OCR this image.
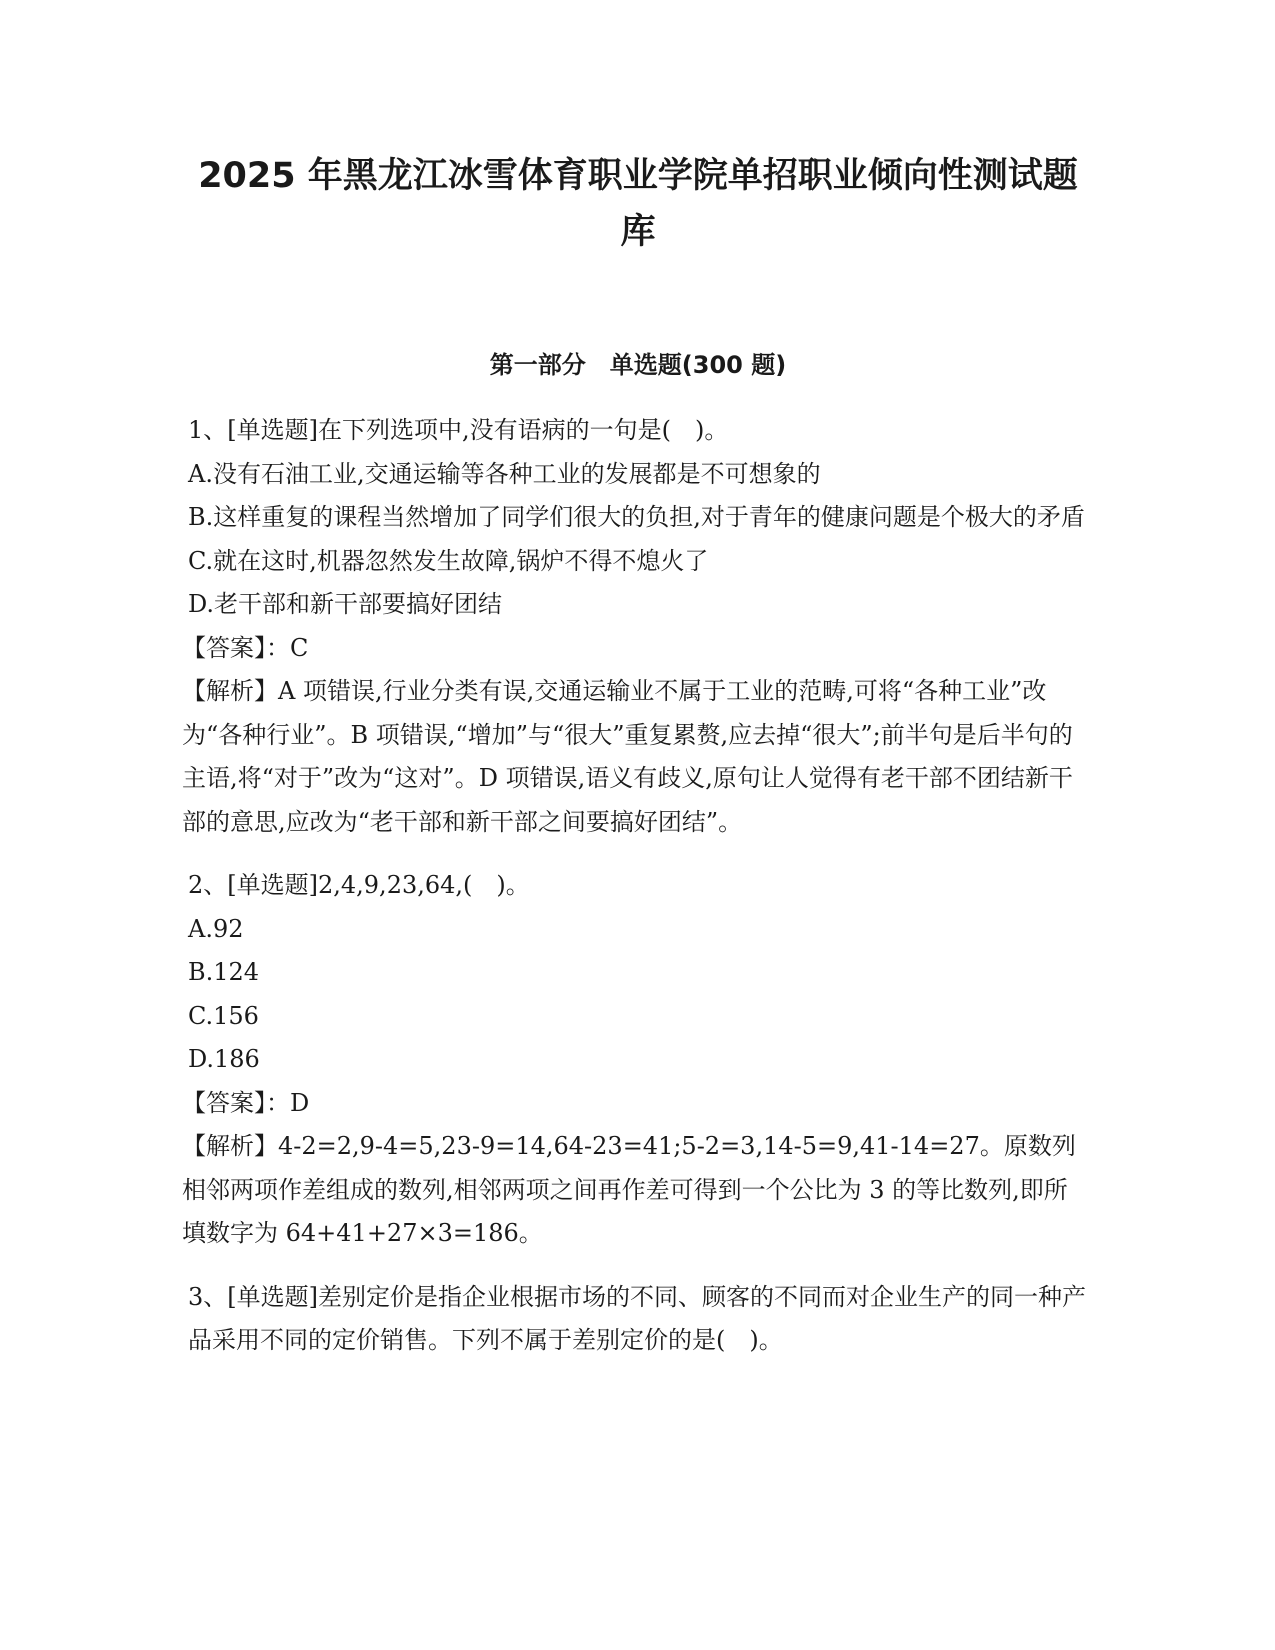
2025 年黑龙江冰雪体育职业学院单招职业倾向性测试题库
第一部分　单选题(300 题)

1、[单选题]在下列选项中,没有语病的一句是(　)。

A.没有石油工业,交通运输等各种工业的发展都是不可想象的

B.这样重复的课程当然增加了同学们很大的负担,对于青年的健康问题是个极大的矛盾

C.就在这时,机器忽然发生故障,锅炉不得不熄火了

D.老干部和新干部要搞好团结

【答案】：C

【解析】A 项错误,行业分类有误,交通运输业不属于工业的范畴,可将“各种工业”改为“各种行业”。B 项错误,“增加”与“很大”重复累赘,应去掉“很大”;前半句是后半句的主语,将“对于”改为“这对”。D 项错误,语义有歧义,原句让人觉得有老干部不团结新干部的意思,应改为“老干部和新干部之间要搞好团结”。

2、[单选题]2,4,9,23,64,(　)。

A.92

B.124

C.156

D.186

【答案】：D

【解析】4-2=2,9-4=5,23-9=14,64-23=41;5-2=3,14-5=9,41-14=27。原数列相邻两项作差组成的数列,相邻两项之间再作差可得到一个公比为 3 的等比数列,即所填数字为 64+41+27×3=186。

3、[单选题]差别定价是指企业根据市场的不同、顾客的不同而对企业生产的同一种产品采用不同的定价销售。下列不属于差别定价的是(　)。
